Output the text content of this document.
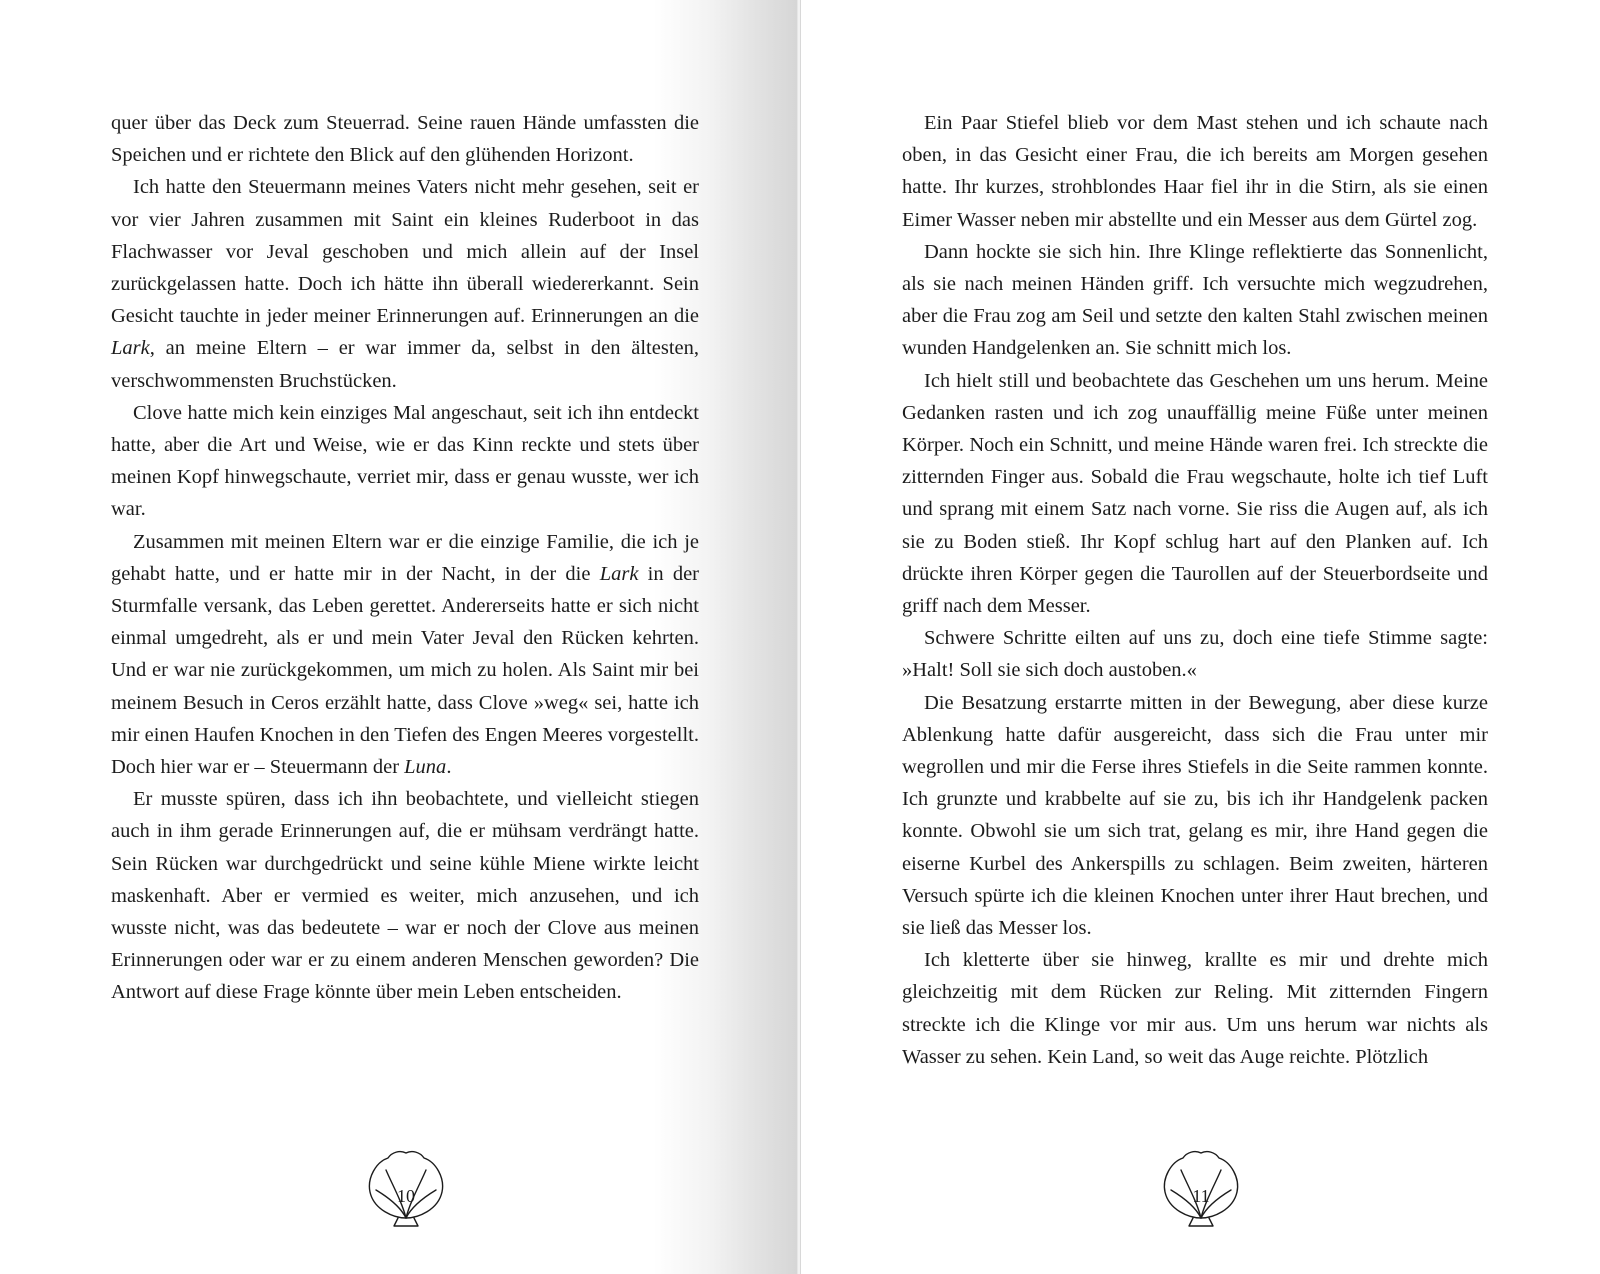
quer über das Deck zum Steuerrad. Seine rauen Hände umfassten die Speichen und er richtete den Blick auf den glühenden Horizont.

Ich hatte den Steuermann meines Vaters nicht mehr gesehen, seit er vor vier Jahren zusammen mit Saint ein kleines Ruderboot in das Flachwasser vor Jeval geschoben und mich allein auf der Insel zurückgelassen hatte. Doch ich hätte ihn überall wiedererkannt. Sein Gesicht tauchte in jeder meiner Erinnerungen auf. Erinnerungen an die Lark, an meine Eltern – er war immer da, selbst in den ältesten, verschwommensten Bruchstücken.

Clove hatte mich kein einziges Mal angeschaut, seit ich ihn entdeckt hatte, aber die Art und Weise, wie er das Kinn reckte und stets über meinen Kopf hinwegschaute, verriet mir, dass er genau wusste, wer ich war.

Zusammen mit meinen Eltern war er die einzige Familie, die ich je gehabt hatte, und er hatte mir in der Nacht, in der die Lark in der Sturmfalle versank, das Leben gerettet. Andererseits hatte er sich nicht einmal umgedreht, als er und mein Vater Jeval den Rücken kehrten. Und er war nie zurückgekommen, um mich zu holen. Als Saint mir bei meinem Besuch in Ceros erzählt hatte, dass Clove »weg« sei, hatte ich mir einen Haufen Knochen in den Tiefen des Engen Meeres vorgestellt. Doch hier war er – Steuermann der Luna.

Er musste spüren, dass ich ihn beobachtete, und vielleicht stiegen auch in ihm gerade Erinnerungen auf, die er mühsam verdrängt hatte. Sein Rücken war durchgedrückt und seine kühle Miene wirkte leicht maskenhaft. Aber er vermied es weiter, mich anzusehen, und ich wusste nicht, was das bedeutete – war er noch der Clove aus meinen Erinnerungen oder war er zu einem anderen Menschen geworden? Die Antwort auf diese Frage könnte über mein Leben entscheiden.

10

Ein Paar Stiefel blieb vor dem Mast stehen und ich schaute nach oben, in das Gesicht einer Frau, die ich bereits am Morgen gesehen hatte. Ihr kurzes, strohblondes Haar fiel ihr in die Stirn, als sie einen Eimer Wasser neben mir abstellte und ein Messer aus dem Gürtel zog.

Dann hockte sie sich hin. Ihre Klinge reflektierte das Sonnenlicht, als sie nach meinen Händen griff. Ich versuchte mich wegzudrehen, aber die Frau zog am Seil und setzte den kalten Stahl zwischen meinen wunden Handgelenken an. Sie schnitt mich los.

Ich hielt still und beobachtete das Geschehen um uns herum. Meine Gedanken rasten und ich zog unauffällig meine Füße unter meinen Körper. Noch ein Schnitt, und meine Hände waren frei. Ich streckte die zitternden Finger aus. Sobald die Frau wegschaute, holte ich tief Luft und sprang mit einem Satz nach vorne. Sie riss die Augen auf, als ich sie zu Boden stieß. Ihr Kopf schlug hart auf den Planken auf. Ich drückte ihren Körper gegen die Taurollen auf der Steuerbordseite und griff nach dem Messer.

Schwere Schritte eilten auf uns zu, doch eine tiefe Stimme sagte: »Halt! Soll sie sich doch austoben.«

Die Besatzung erstarrte mitten in der Bewegung, aber diese kurze Ablenkung hatte dafür ausgereicht, dass sich die Frau unter mir wegrollen und mir die Ferse ihres Stiefels in die Seite rammen konnte. Ich grunzte und krabbelte auf sie zu, bis ich ihr Handgelenk packen konnte. Obwohl sie um sich trat, gelang es mir, ihre Hand gegen die eiserne Kurbel des Ankerspills zu schlagen. Beim zweiten, härteren Versuch spürte ich die kleinen Knochen unter ihrer Haut brechen, und sie ließ das Messer los.

Ich kletterte über sie hinweg, krallte es mir und drehte mich gleichzeitig mit dem Rücken zur Reling. Mit zitternden Fingern streckte ich die Klinge vor mir aus. Um uns herum war nichts als Wasser zu sehen. Kein Land, so weit das Auge reichte. Plötzlich

11
